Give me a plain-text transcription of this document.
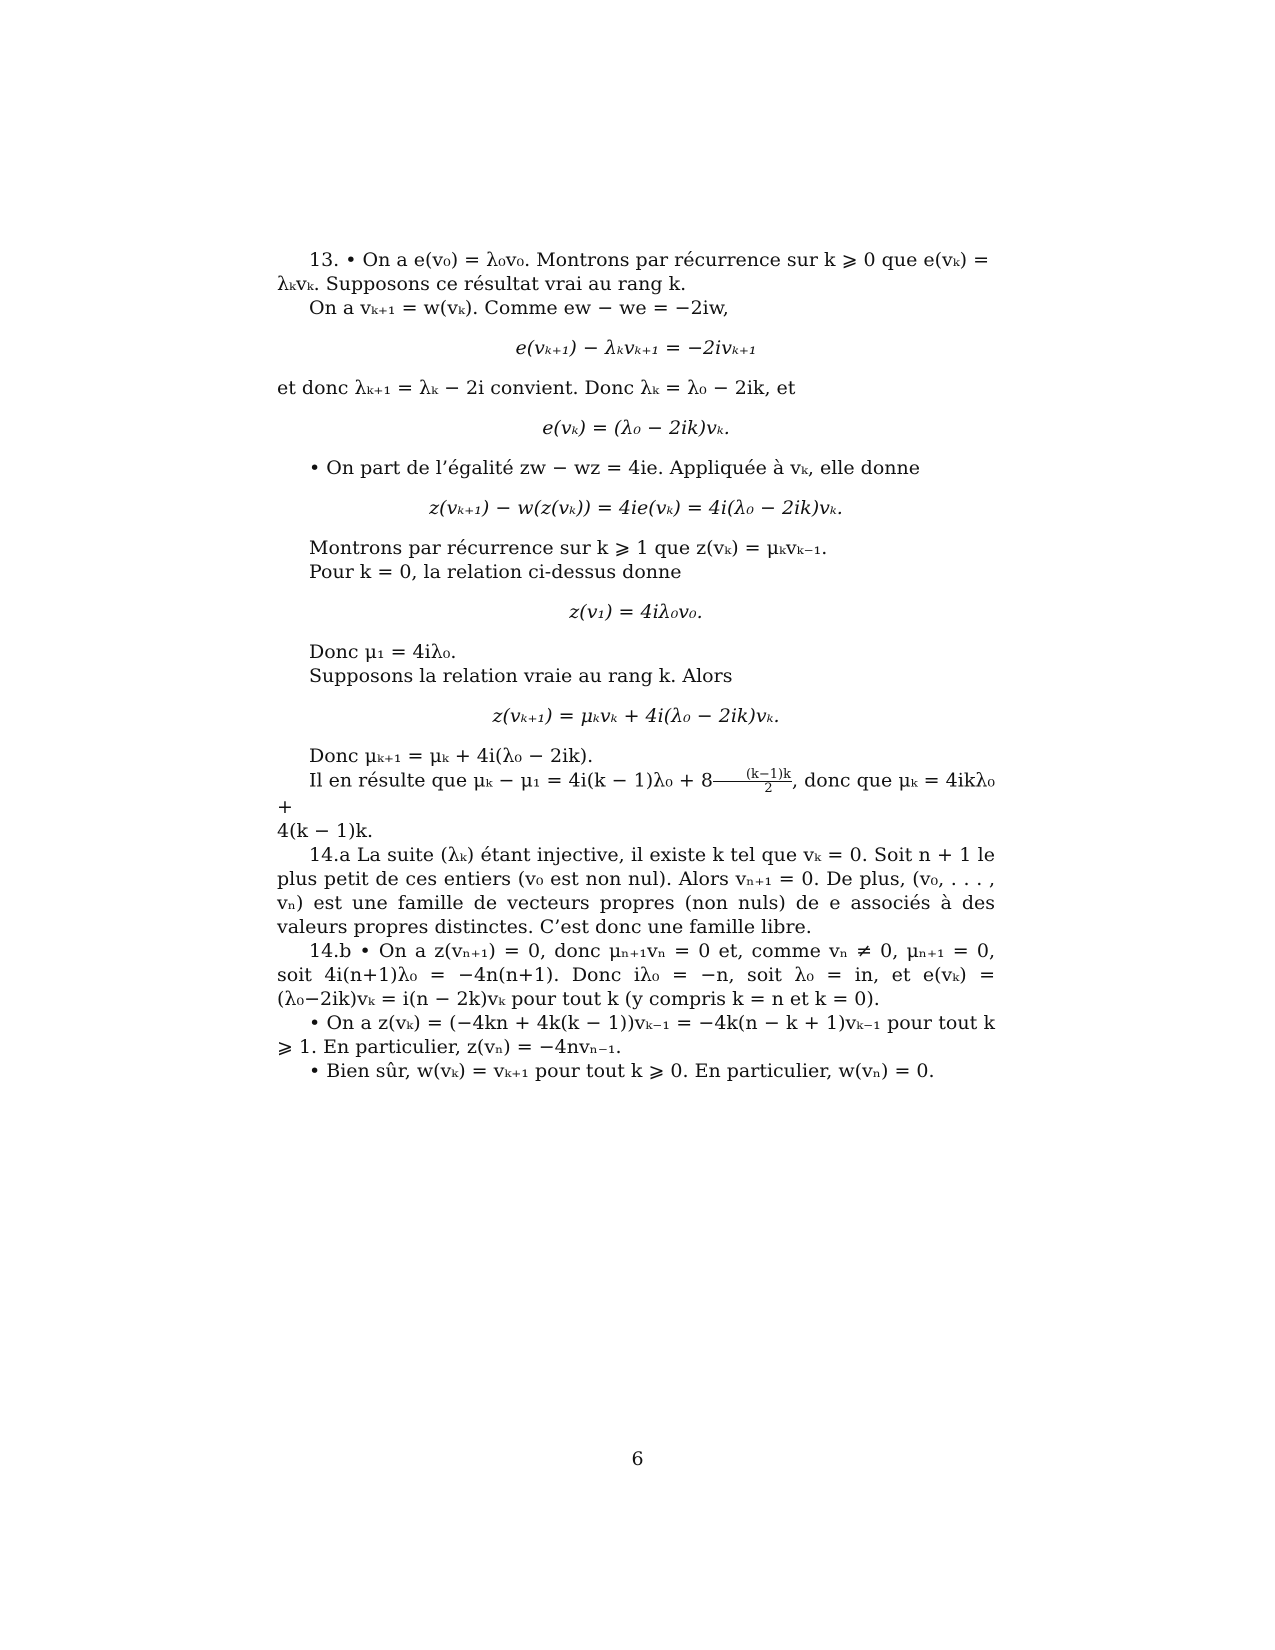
13. • On a e(v₀) = λ₀v₀. Montrons par récurrence sur k ⩾ 0 que e(vₖ) =

λₖvₖ. Supposons ce résultat vrai au rang k.

On a vₖ₊₁ = w(vₖ). Comme ew − we = −2iw,

e(vₖ₊₁) − λₖvₖ₊₁ = −2ivₖ₊₁

et donc λₖ₊₁ = λₖ − 2i convient. Donc λₖ = λ₀ − 2ik, et

e(vₖ) = (λ₀ − 2ik)vₖ.

• On part de l’égalité zw − wz = 4ie. Appliquée à vₖ, elle donne

z(vₖ₊₁) − w(z(vₖ)) = 4ie(vₖ) = 4i(λ₀ − 2ik)vₖ.

Montrons par récurrence sur k ⩾ 1 que z(vₖ) = μₖvₖ₋₁.

Pour k = 0, la relation ci-dessus donne

z(v₁) = 4iλ₀v₀.

Donc μ₁ = 4iλ₀.

Supposons la relation vraie au rang k. Alors

z(vₖ₊₁) = μₖvₖ + 4i(λ₀ − 2ik)vₖ.

Donc μₖ₊₁ = μₖ + 4i(λ₀ − 2ik).

Il en résulte que $\mu_k - \mu_1 = 4i(k - 1)\lambda_0 + 8 \frac{(k-1)k}{2}$ , donc que μₖ = 4ikλ₀ +

4(k − 1)k.

14.a La suite (λₖ) étant injective, il existe k tel que vₖ = 0. Soit n + 1 le plus petit de ces entiers (v₀ est non nul). Alors vₙ₊₁ = 0. De plus, (v₀, . . . , vₙ) est une famille de vecteurs propres (non nuls) de e associés à des valeurs propres distinctes. C’est donc une famille libre.

14.b • On a z(vₙ₊₁) = 0, donc μₙ₊₁vₙ = 0 et, comme vₙ ≠ 0, μₙ₊₁ = 0, soit 4i(n+1)λ₀ = −4n(n+1). Donc iλ₀ = −n, soit λ₀ = in, et e(vₖ) = (λ₀−2ik)vₖ = i(n − 2k)vₖ pour tout k (y compris k = n et k = 0).

• On a z(vₖ) = (−4kn + 4k(k − 1))vₖ₋₁ = −4k(n − k + 1)vₖ₋₁ pour tout k ⩾ 1. En particulier, z(vₙ) = −4nvₙ₋₁.

• Bien sûr, w(vₖ) = vₖ₊₁ pour tout k ⩾ 0. En particulier, w(vₙ) = 0.

6
